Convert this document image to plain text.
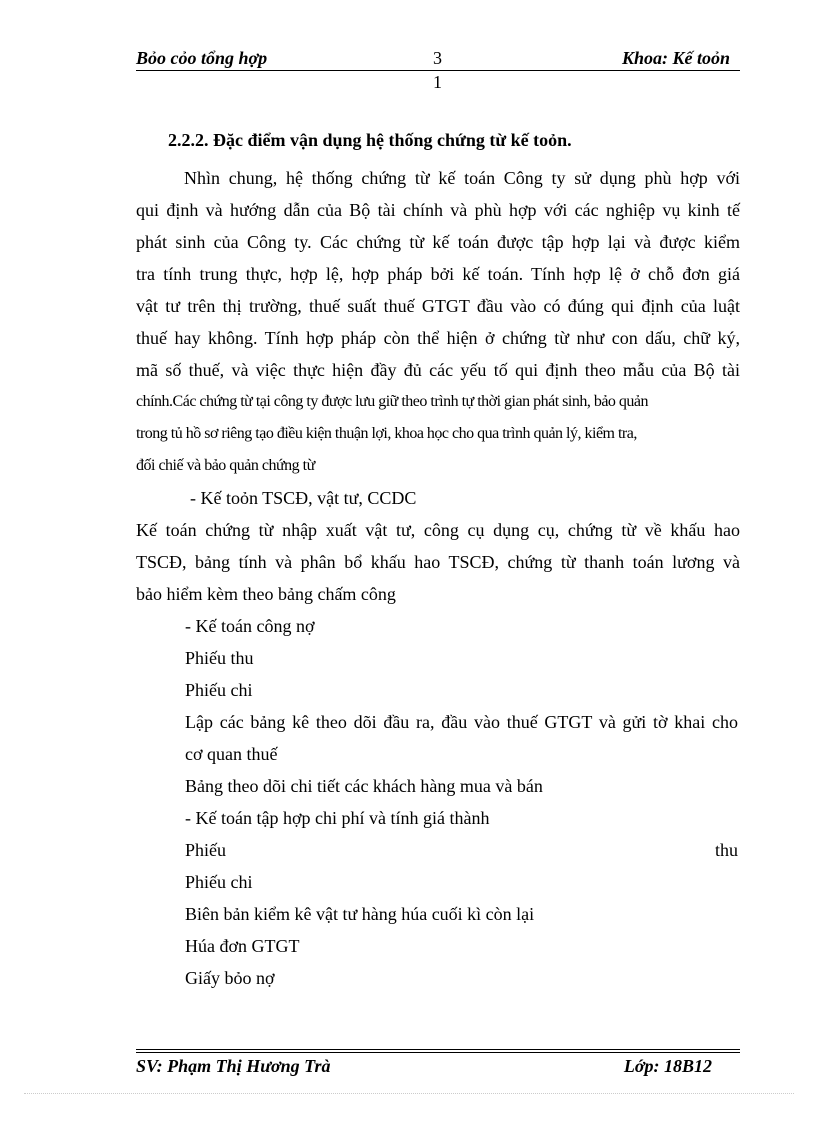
Bỏo cỏo tổng hợp	3	Khoa: Kế toỏn
1
2.2.2. Đặc điểm vận dụng hệ thống chứng từ kế toỏn.
Nhìn chung, hệ thống chứng từ kế toán Công ty sử dụng phù hợp với
qui định và hướng dẫn của Bộ tài chính và phù hợp với các nghiệp vụ kinh tế
phát sinh của Công ty. Các chứng từ kế toán được tập hợp lại và được kiểm
tra tính trung thực, hợp lệ, hợp pháp bởi kế toán. Tính hợp lệ ở chỗ đơn giá
vật tư trên thị trường, thuế suất thuế GTGT đầu vào có đúng qui định của luật
thuế hay không. Tính hợp pháp còn thể hiện ở chứng từ như con dấu, chữ ký,
mã số thuế, và việc thực hiện đầy đủ các yếu tố qui định theo mẫu của Bộ tài
chính.Các chứng từ tại công ty được lưu giữ theo trình tự thời gian phát sinh, bảo quản
trong tủ hồ sơ riêng tạo điều kiện thuận lợi, khoa học cho qua trình quản lý, kiểm tra,
đối chiế và bảo quản chứng từ
- Kế toỏn TSCĐ, vật tư, CCDC
Kế toán chứng từ nhập xuất vật tư, công cụ dụng cụ, chứng từ về khấu hao
TSCĐ, bảng tính và phân bổ khấu hao TSCĐ, chứng từ thanh toán lương và
bảo hiểm kèm theo bảng chấm công
- Kế toán công nợ
Phiếu thu
Phiếu chi
Lập các bảng kê theo dõi đầu ra, đầu vào thuế GTGT và gửi tờ khai cho
cơ quan thuế
Bảng theo dõi chi tiết các khách hàng mua và bán
- Kế toán tập hợp chi phí và tính giá thành
Phiếu	thu
Phiếu chi
Biên bản kiểm kê vật tư hàng húa cuối kì còn lại
Húa đơn GTGT
Giấy bỏo nợ
SV: Phạm Thị Hương Trà	Lớp: 18B12
